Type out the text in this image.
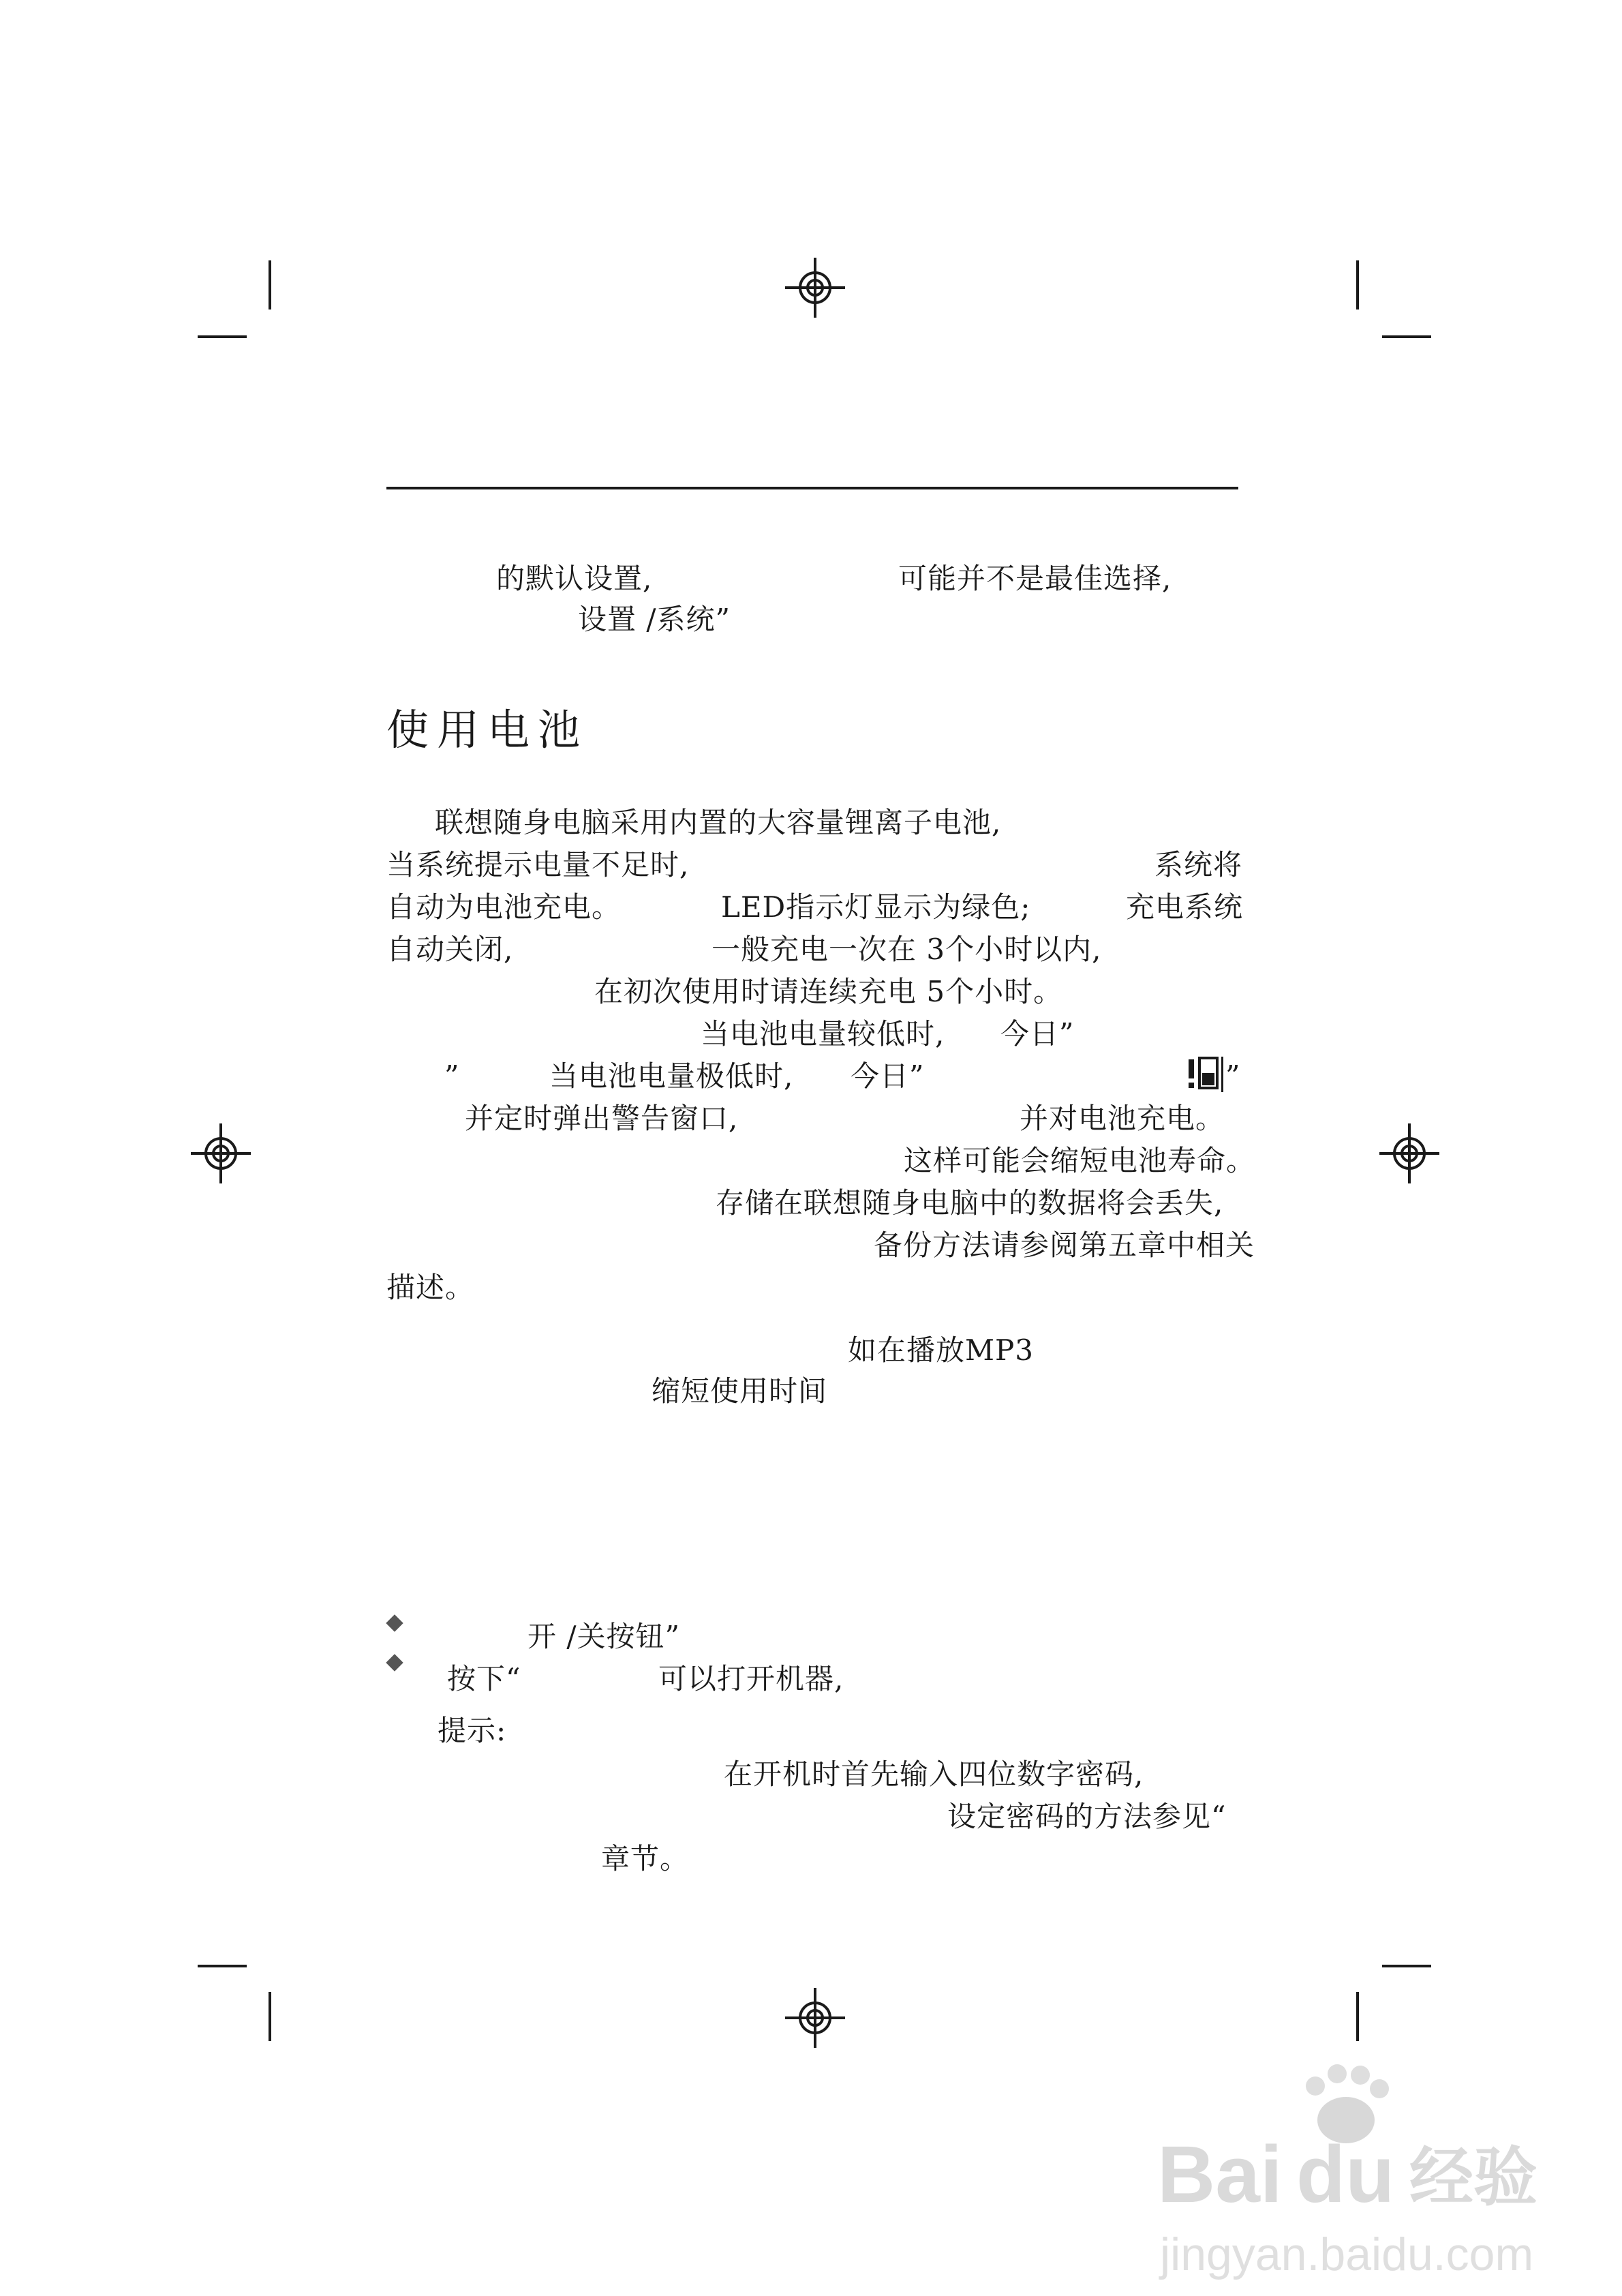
的默认设置,	可能并不是最佳选择,
设置 /系统”
使用电池
联想随身电脑采用内置的大容量锂离子电池,
当系统提示电量不足时,	系统将
自动为电池充电。	LED指示灯显示为绿色;	充电系统
自动关闭,	一般充电一次在 3个小时以内,
在初次使用时请连续充电 5个小时。
当电池电量较低时, 今日”
”	当电池电量极低时, 今日”	”
并定时弹出警告窗口,	并对电池充电。
这样可能会缩短电池寿命。
存储在联想随身电脑中的数据将会丢失,
备份方法请参阅第五章中相关
描述。
如在播放MP3
缩短使用时间
开 /关按钮”
按下“	可以打开机器,
提示:
在开机时首先输入四位数字密码,
设定密码的方法参见“
章节。
Bai du 经验
jingyan.baidu.com
